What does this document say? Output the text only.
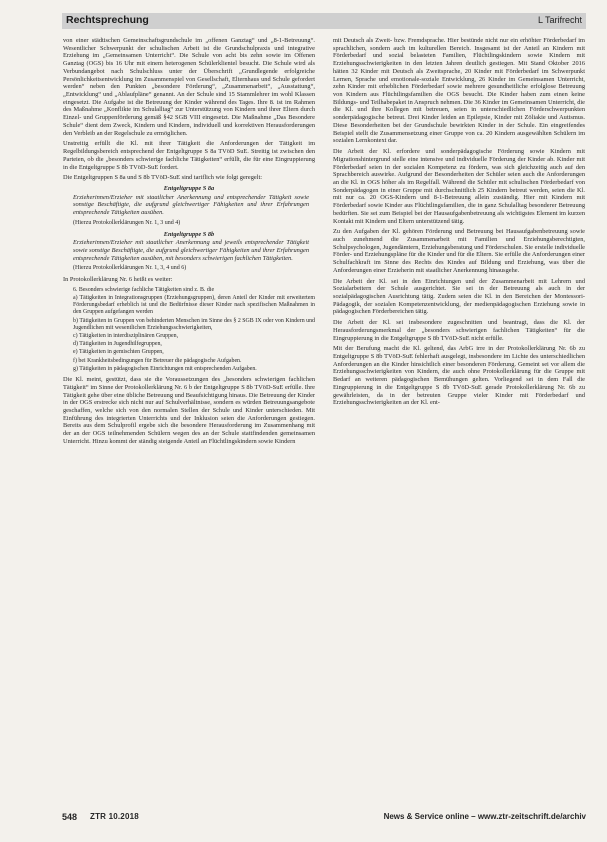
Rechtsprechung	L Tarifrecht

von einer städtischen Gemeinschaftsgrundschule im „offenen Ganztag“ und „8-1-Betreuung“. Wesentlicher Schwerpunkt der schulischen Arbeit ist die Grundschulpraxis und integrative Erziehung im „Gemeinsamen Unterricht“. Die Schule von acht bis zehn sowie im Offenen Ganztag (OGS) bis 16 Uhr mit einem heterogenen Schülerklientel besucht. Die Schule wird als Verbundangebot nach Schulschluss unter der Überschrift „Grundlegende erfolgreiche Persönlichkeitsentwicklung im Zusammenspiel von Gesellschaft, Elternhaus und Schule gefordert werden“ neben den Punkten „besondere Förderung“, „Zusammenarbeit“, „Ausstattung“, „Entwicklung“ und „Ablaufpläne“ genannt. An der Schule sind 15 Stammlehrer im wohl Klassen eingesetzt. Die Aufgabe ist die Betreuung der Kinder während des Tages. Ihre 8. ist im Rahmen des Maßnahme „Konflikte im Schulalltag“ zur Unterstützung von Kindern und ihrer Eltern durch Einzel- und Gruppenförderung gemäß §42 SGB VIII eingesetzt. Die Maßnahme „Das Besondere Schule“ dient dem Zweck, Kindern und Kindern, individuell und korrektiven Herausforderungen den Verbleib an der Regelschule zu ermöglichen.

Unstreitig erfüllt die Kl. mit ihrer Tätigkeit die Anforderungen der Tätigkeit im Regelbildungsbereich entsprechend der Entgeltgruppe S 8a TVöD SuE. Streitig ist zwischen den Parteien, ob die „besonders schwierige fachliche Tätigkeiten“ erfüllt, die für eine Eingruppierung in die Entgeltgruppe S 8b TVöD-SuE fordert.

Die Entgeltgruppen S 8a und S 8b TVöD-SuE sind tariflich wie folgt geregelt:

Entgeltgruppe S 8a

Erzieherinnen/Erzieher mit staatlicher Anerkennung und entsprechender Tätigkeit sowie sonstige Beschäftigte, die aufgrund gleichwertiger Fähigkeiten und ihrer Erfahrungen entsprechende Tätigkeiten ausüben.

(Hierzu Protokollerklärungen Nr. 1, 3 und 4)

Entgeltgruppe S 8b

Erzieherinnen/Erzieher mit staatlicher Anerkennung und jeweils entsprechender Tätigkeit sowie sonstige Beschäftigte, die aufgrund gleichwertiger Fähigkeiten und ihrer Erfahrungen entsprechende Tätigkeiten ausüben, mit besonders schwierigen fachlichen Tätigkeiten.

(Hierzu Protokollerklärungen Nr. 1, 3, 4 und 6)

In Protokollerklärung Nr. 6 heißt es weiter:

6. Besonders schwierige fachliche Tätigkeiten sind z. B. die
a) Tätigkeiten in Integrationsgruppen (Erziehungsgruppen), deren Anteil der Kinder mit erweitertem Förderungsbedarf erheblich ist und die Bedürfnisse dieser Kinder nach spezifischen Maßnahmen in den Gruppen aufgefangen werden
b) Tätigkeiten in Gruppen von behinderten Menschen im Sinne des § 2 SGB IX oder von Kindern und Jugendlichen mit wesentlichen Erziehungsschwierigkeiten,
c) Tätigkeiten in interdisziplinären Gruppen,
d) Tätigkeiten in Jugendhilfegruppen,
e) Tätigkeiten in gemischten Gruppen,
f) bei Krankheitsbedingungen für Betreuer die pädagogische Aufgaben.
g) Tätigkeiten in pädagogischen Einrichtungen mit entsprechenden Aufgaben.

Die Kl. meint, gestützt, dass sie die Voraussetzungen des „besonders schwierigen fachlichen Tätigkeit“ im Sinne der Protokollerklärung Nr. 6 b der Entgeltgruppe S 8b TVöD-SuE erfülle. Ihre Tätigkeit gehe über eine übliche Betreuung und Beaufsichtigung hinaus. Die Betreuung der Kinder in der OGS erstrecke sich nicht nur auf Schulverhältnisse, sondern es würden Betreuungsangebote geschaffen, welche sich von den normalen Stellen der Schule und Kinder unterschieden. Mit Einführung des integrierten Unterrichts und der Inklusion seien die Anforderungen gestiegen. Bereits aus dem Schulprofil ergebe sich die besondere Herausforderung im Zusammenhang mit der an der OGS teilnehmenden Schülern wegen des an der Schule stattfindenden gemeinsamen Unterricht. Hinzu kommt der ständig steigende Anteil an Flüchtlingskindern sowie Kindern

mit Deutsch als Zweit- bzw. Fremdsprache. Hier bestünde nicht nur ein erhöhter Förderbedarf im sprachlichen, sondern auch im kulturellen Bereich. Insgesamt ist der Anteil an Kindern mit Förderbedarf und sozial belasteten Familien, Flüchtlingskindern sowie Kindern mit Erziehungsschwierigkeiten in den letzten Jahren deutlich gestiegen. Mit Stand Oktober 2016 hätten 32 Kinder mit Deutsch als Zweitsprache, 20 Kinder mit Förderbedarf im Schwerpunkt Lernen, Sprache und emotionale-soziale Entwicklung, 26 Kinder im Gemeinsamen Unterricht, zehn Kinder mit erheblichen Förderbedarf sowie mehrere gesundheitliche erfolglose Betreuung von Kindern aus Flüchtlingsfamilien die OGS besucht. Die Kinder haben zum einen keine Bildungs- und Teilhabepaket in Anspruch nehmen. Die 36 Kinder im Gemeinsamen Unterricht, die die Kl. und ihre Kollegen mit betreuen, seien in unterschiedlichen Förderschwerpunkten sonderpädagogische betreut. Drei Kinder leiden an Epilepsie, Kinder mit Zöliakie und Autismus. Diese Besonderheiten bei der Grundschule bewirkten Kinder in der Schule. Ein eingreifendes Beispiel stellt die Zusammensetzung einer Gruppe von ca. 20 Kindern ausgewählten Schülern im sozialen Lernkontext dar.

Die Arbeit der Kl. erfordere und sonderpädagogische Förderung sowie Kindern mit Migrationshintergrund stelle eine intensive und individuelle Förderung der Kinder ab. Kinder mit Förderbedarf seien in der sozialen Kompetenz zu fördern, was sich gleichzeitig auch auf den Sprachbereich auswirke. Aufgrund der Besonderheiten der Schüler seien auch die Anforderungen an die Kl. in OGS höher als im Regelfall. Während die Schüler mit schulischen Förderbedarf von Sonderpädagogen in einer Gruppe mit durchschnittlich 25 Kindern betreut werden, seien die Kl. mit nur ca. 20 OGS-Kindern und 8-1-Betreuung allein zuständig. Hier mit Kindern mit Förderbedarf sowie Kinder aus Flüchtlingsfamilien, die in ganz Schulalltag besonderer Betreuung bedürften. Sie sei zum Beispiel bei der Hausaufgabenbetreuung als wichtigstes Element im kurzen Kontakt mit Kindern und Eltern unterstützend tätig.

Zu den Aufgaben der Kl. gehören Förderung und Betreuung bei Hausaufgabenbetreuung sowie auch zunehmend die Zusammenarbeit mit Familien und Erziehungsberechtigten, Schulpsychologen, Jugendämtern, Erziehungsberatung und Förderschulen. Sie erstelle individuelle Förder- und Erziehungspläne für die Kinder und für die Eltern. Sie erfülle die Anforderungen einer Schulfachkraft im Sinne des Rechts des Kindes auf Bildung und Erziehung, was über die Anforderungen einer Erzieherin mit staatlicher Anerkennung hinausgehe.

Die Arbeit der Kl. sei in den Einrichtungen und der Zusammenarbeit mit Lehrern und Sozialarbeitern der Schule ausgerichtet. Sie sei in der Betreuung als auch in der sozialpädagogischen Ausrichtung tätig. Zudem seien die Kl. in den Bereichen der Montessori-Pädagogik, der sozialen Kompetenzentwicklung, der medienpädagogischen Erziehung sowie in pädagogischen Förderbereichen tätig.

Die Arbeit der Kl. sei insbesondere zugeschnitten und beantragt, dass die Kl. der Herausforderungsmerkmal der „besonders schwierigen fachlichen Tätigkeiten“ für die Eingruppierung in die Entgeltgruppe S 8b TVöD-SuE nicht erfülle.

Mit der Berufung macht die Kl. geltend, das ArbG irre in der Protokollerklärung Nr. 6b zu Entgeltgruppe S 8b TVöD-SuE fehlerhaft ausgelegt, insbesondere im Lichte des unterschiedlichen Anforderungen an die Kinder hinsichtlich einer besonderen Förderung. Gemeint sei vor allem die Erziehungsschwierigkeiten von Kindern, die auch ohne Protokollerklärung für die Gruppe mit Bedarf an weiteren pädagogischen Bemühungen gelten. Vorliegend sei in dem Fall die Eingruppierung in die Entgeltgruppe S 8b TVöD-SuE gerade Protokollerklärung Nr. 6b zu gewährleisten, da in der betreuten Gruppe vieler Kinder mit Förderbedarf und Erziehungsschwierigkeiten an der Kl. ent-

548 ZTR 10.2018	News & Service online – www.ztr-zeitschrift.de/archiv
